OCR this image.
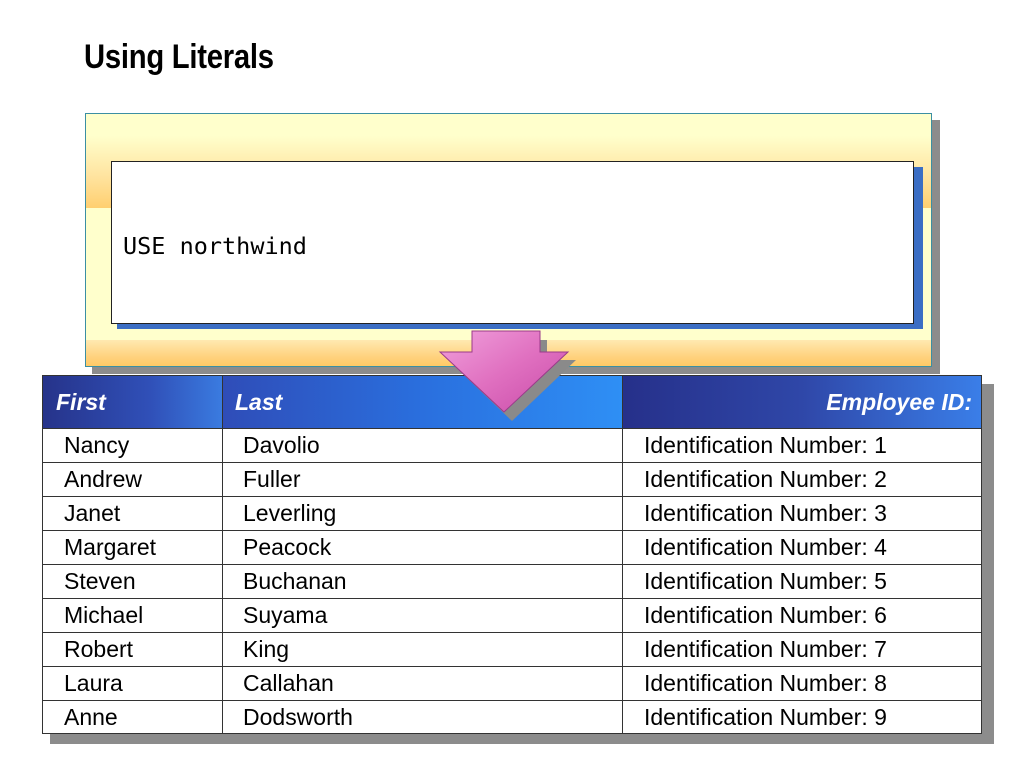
Using Literals

USE northwind

First	Last	Employee ID:
Nancy	Davolio	Identification Number: 1
Andrew	Fuller	Identification Number: 2
Janet	Leverling	Identification Number: 3
Margaret	Peacock	Identification Number: 4
Steven	Buchanan	Identification Number: 5
Michael	Suyama	Identification Number: 6
Robert	King	Identification Number: 7
Laura	Callahan	Identification Number: 8
Anne	Dodsworth	Identification Number: 9
